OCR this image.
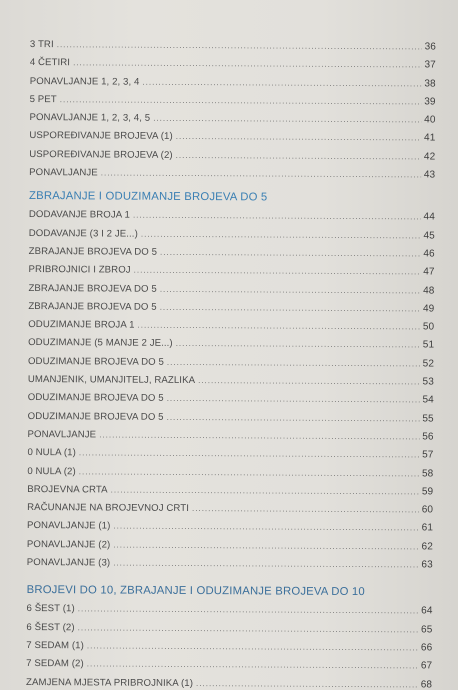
3 TRI .....	36
4 ČETIRI .....	37
PONAVLJANJE 1, 2, 3, 4 .....	38
5 PET .....	39
PONAVLJANJE 1, 2, 3, 4, 5 .....	40
USPOREĐIVANJE BROJEVA (1) .....	41
USPOREĐIVANJE BROJEVA (2) .....	42
PONAVLJANJE .....	43
ZBRAJANJE I ODUZIMANJE BROJEVA DO 5
DODAVANJE BROJA 1 .....	44
DODAVANJE (3 I 2 JE...) .....	45
ZBRAJANJE BROJEVA DO 5 .....	46
PRIBROJNICI I ZBROJ .....	47
ZBRAJANJE BROJEVA DO 5 .....	48
ZBRAJANJE BROJEVA DO 5 .....	49
ODUZIMANJE BROJA 1 .....	50
ODUZIMANJE (5 MANJE 2 JE...) .....	51
ODUZIMANJE BROJEVA DO 5 .....	52
UMANJENIK, UMANJITELJ, RAZLIKA .....	53
ODUZIMANJE BROJEVA DO 5 .....	54
ODUZIMANJE BROJEVA DO 5 .....	55
PONAVLJANJE .....	56
0 NULA (1) .....	57
0 NULA (2) .....	58
BROJEVNA CRTA .....	59
RAČUNANJE NA BROJEVNOJ CRTI .....	60
PONAVLJANJE (1) .....	61
PONAVLJANJE (2) .....	62
PONAVLJANJE (3) .....	63
BROJEVI DO 10, ZBRAJANJE I ODUZIMANJE BROJEVA DO 10
6 ŠEST (1) .....	64
6 ŠEST (2) .....	65
7 SEDAM (1) .....	66
7 SEDAM (2) .....	67
ZAMJENA MJESTA PRIBROJNIKA (1) .....	68
